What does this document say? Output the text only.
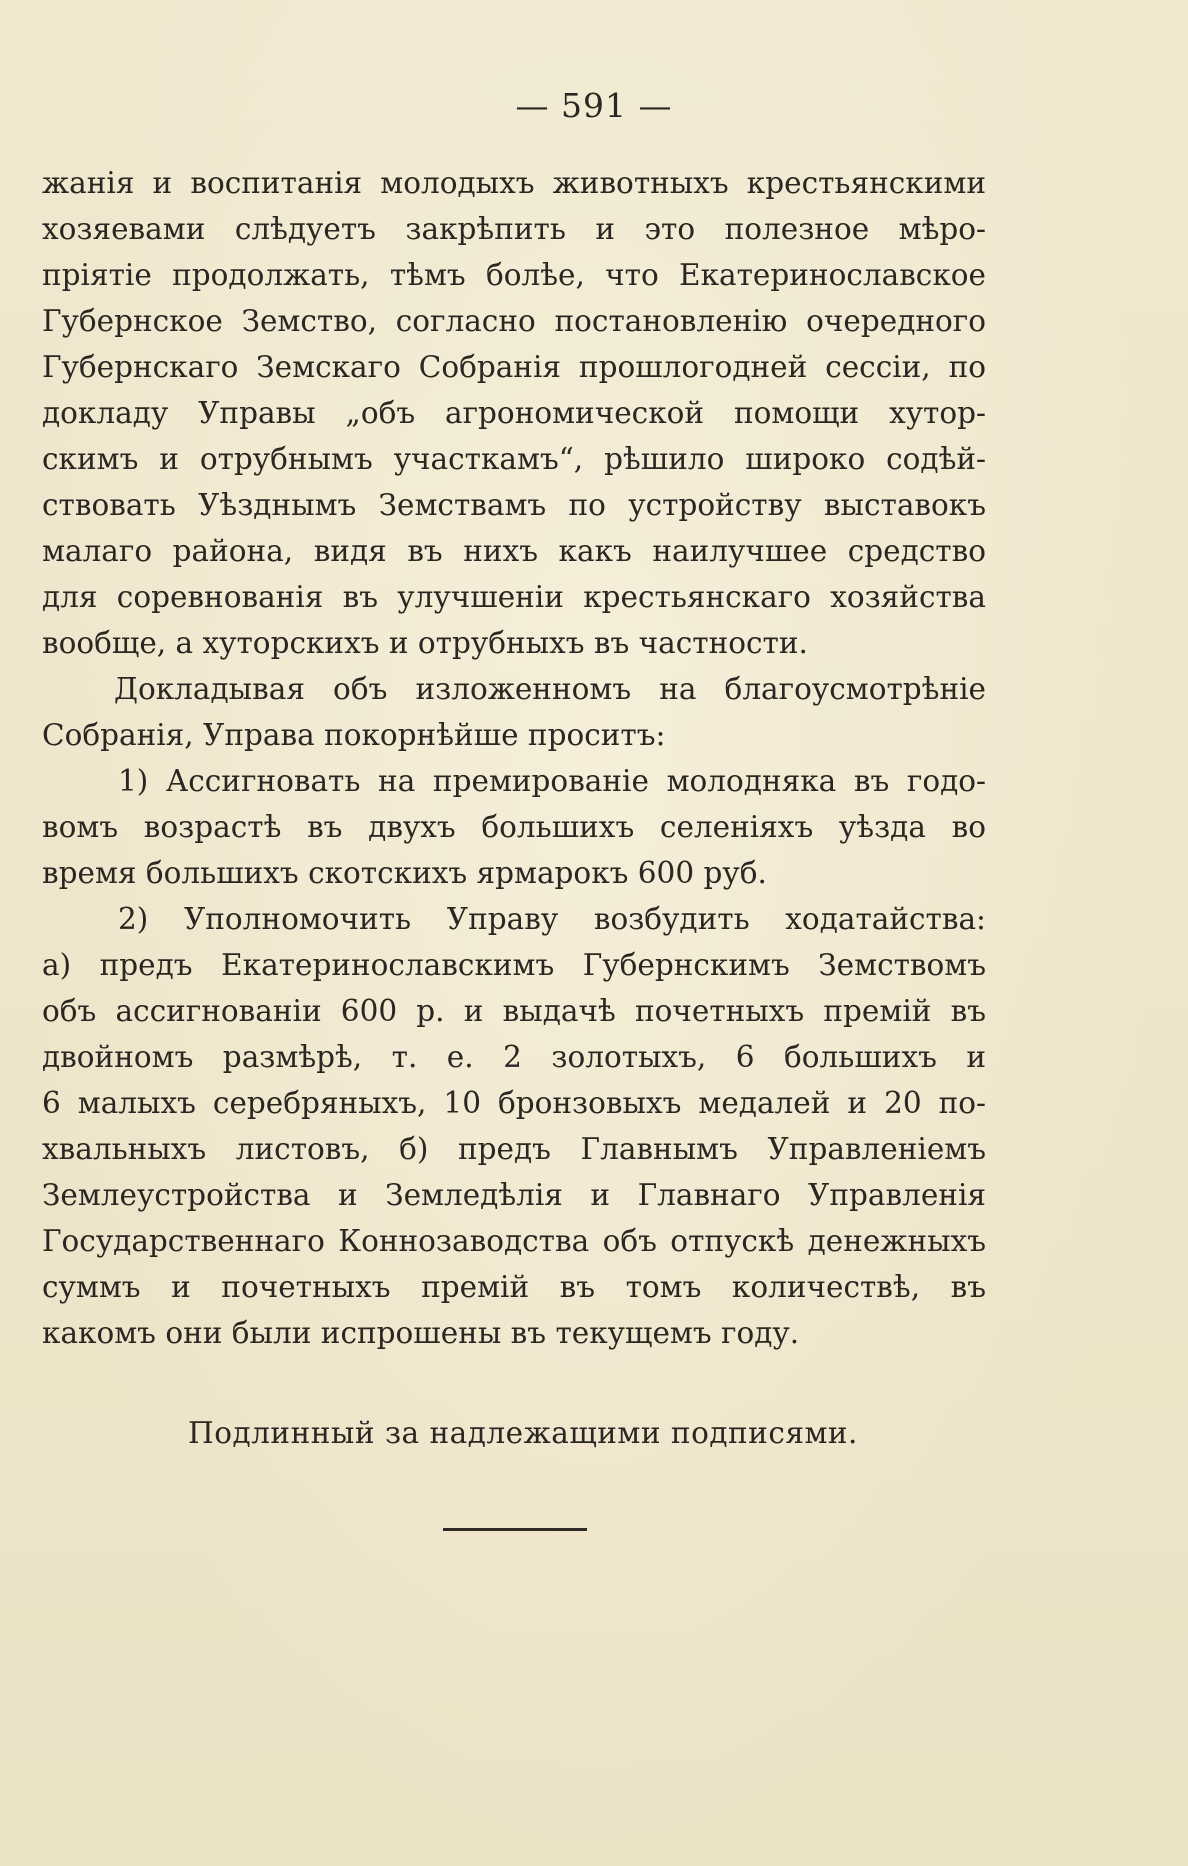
— 591 —
жанія и воспитанія молодыхъ животныхъ крестьянскими
хозяевами слѣдуетъ закрѣпить и это полезное мѣро-
пріятіе продолжать, тѣмъ болѣе, что Екатеринославское
Губернское Земство, согласно постановленію очередного
Губернскаго Земскаго Собранія прошлогодней сессіи, по
докладу Управы „объ агрономической помощи хутор-
скимъ и отрубнымъ участкамъ“, рѣшило широко содѣй-
ствовать Уѣзднымъ Земствамъ по устройству выставокъ
малаго района, видя въ нихъ какъ наилучшее средство
для соревнованія въ улучшеніи крестьянскаго хозяйства
вообще, а хуторскихъ и отрубныхъ въ частности.
Докладывая объ изложенномъ на благоусмотрѣніе
Собранія, Управа покорнѣйше проситъ:
1) Ассигновать на премированіе молодняка въ годо-
вомъ возрастѣ въ двухъ большихъ селеніяхъ уѣзда во
время большихъ скотскихъ ярмарокъ 600 руб.
2) Уполномочить Управу возбудить ходатайства:
а) предъ Екатеринославскимъ Губернскимъ Земствомъ
объ ассигнованіи 600 р. и выдачѣ почетныхъ премій въ
двойномъ размѣрѣ, т. е. 2 золотыхъ, 6 большихъ и
6 малыхъ серебряныхъ, 10 бронзовыхъ медалей и 20 по-
хвальныхъ листовъ, б) предъ Главнымъ Управленіемъ
Землеустройства и Земледѣлія и Главнаго Управленія
Государственнаго Коннозаводства объ отпускѣ денежныхъ
суммъ и почетныхъ премій въ томъ количествѣ, въ
какомъ они были испрошены въ текущемъ году.
Подлинный за надлежащими подписями.
